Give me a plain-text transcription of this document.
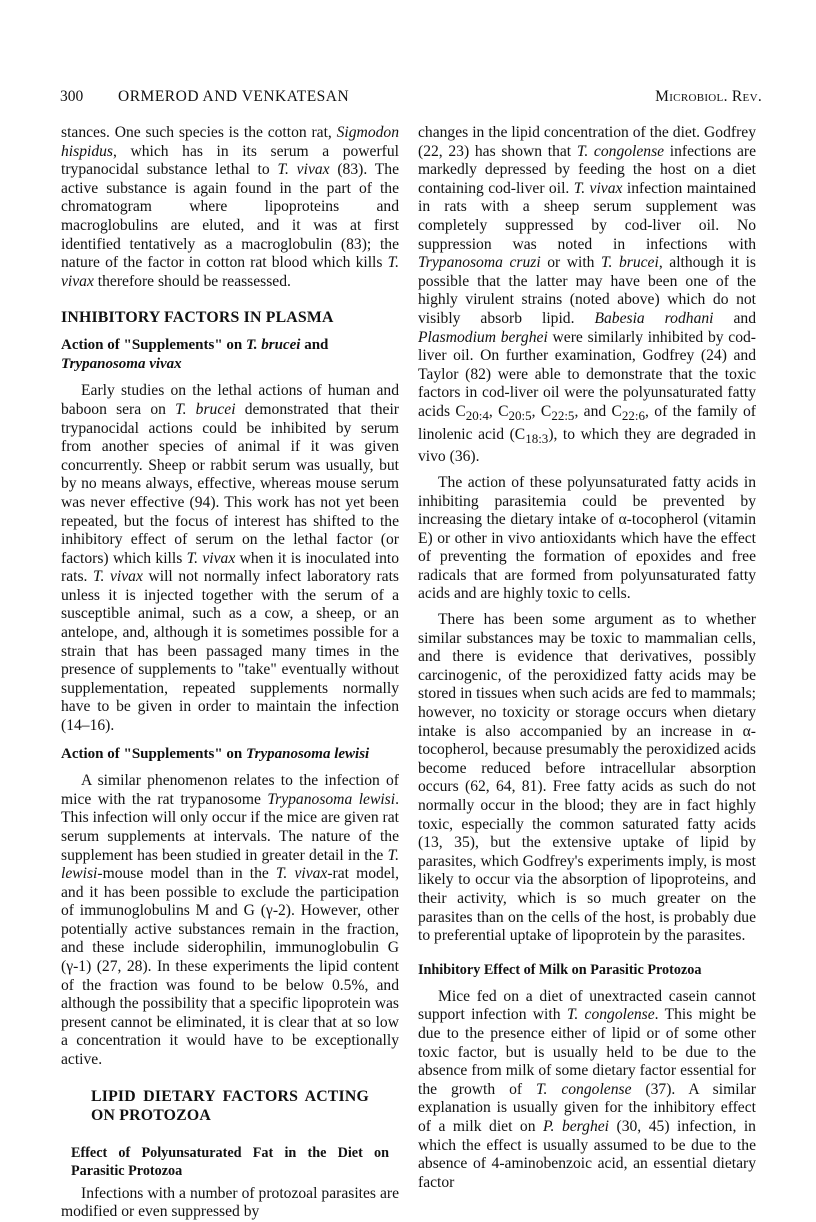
300 ORMEROD AND VENKATESAN	Microbiol. Rev.

stances. One such species is the cotton rat, Sigmodon hispidus, which has in its serum a powerful trypanocidal substance lethal to T. vivax (83). The active substance is again found in the part of the chromatogram where lipoproteins and macroglobulins are eluted, and it was at first identified tentatively as a macroglobulin (83); the nature of the factor in cotton rat blood which kills T. vivax therefore should be reassessed.

INHIBITORY FACTORS IN PLASMA

Action of "Supplements" on T. brucei and
Trypanosoma vivax

Early studies on the lethal actions of human and baboon sera on T. brucei demonstrated that their trypanocidal actions could be inhibited by serum from another species of animal if it was given concurrently. Sheep or rabbit serum was usually, but by no means always, effective, whereas mouse serum was never effective (94). This work has not yet been repeated, but the focus of interest has shifted to the inhibitory effect of serum on the lethal factor (or factors) which kills T. vivax when it is inoculated into rats. T. vivax will not normally infect laboratory rats unless it is injected together with the serum of a susceptible animal, such as a cow, a sheep, or an antelope, and, although it is sometimes possible for a strain that has been passaged many times in the presence of supplements to "take" eventually without supplementation, repeated supplements normally have to be given in order to maintain the infection (14–16).

Action of "Supplements" on Trypanosoma lewisi

A similar phenomenon relates to the infection of mice with the rat trypanosome Trypanosoma lewisi. This infection will only occur if the mice are given rat serum supplements at intervals. The nature of the supplement has been studied in greater detail in the T. lewisi-mouse model than in the T. vivax-rat model, and it has been possible to exclude the participation of immunoglobulins M and G (γ-2). However, other potentially active substances remain in the fraction, and these include siderophilin, immunoglobulin G (γ-1) (27, 28). In these experiments the lipid content of the fraction was found to be below 0.5%, and although the possibility that a specific lipoprotein was present cannot be eliminated, it is clear that at so low a concentration it would have to be exceptionally active.

LIPID DIETARY FACTORS ACTING ON PROTOZOA

Effect of Polyunsaturated Fat in the Diet on Parasitic Protozoa

Infections with a number of protozoal parasites are modified or even suppressed by

changes in the lipid concentration of the diet. Godfrey (22, 23) has shown that T. congolense infections are markedly depressed by feeding the host on a diet containing cod-liver oil. T. vivax infection maintained in rats with a sheep serum supplement was completely suppressed by cod-liver oil. No suppression was noted in infections with Trypanosoma cruzi or with T. brucei, although it is possible that the latter may have been one of the highly virulent strains (noted above) which do not visibly absorb lipid. Babesia rodhani and Plasmodium berghei were similarly inhibited by cod-liver oil. On further examination, Godfrey (24) and Taylor (82) were able to demonstrate that the toxic factors in cod-liver oil were the polyunsaturated fatty acids $C_{20:4}$, $C_{20:5}$, $C_{22:5}$, and $C_{22:6}$, of the family of linolenic acid $(C_{18:3})$, to which they are degraded in vivo (36).

The action of these polyunsaturated fatty acids in inhibiting parasitemia could be prevented by increasing the dietary intake of α-tocopherol (vitamin E) or other in vivo antioxidants which have the effect of preventing the formation of epoxides and free radicals that are formed from polyunsaturated fatty acids and are highly toxic to cells.

There has been some argument as to whether similar substances may be toxic to mammalian cells, and there is evidence that derivatives, possibly carcinogenic, of the peroxidized fatty acids may be stored in tissues when such acids are fed to mammals; however, no toxicity or storage occurs when dietary intake is also accompanied by an increase in α-tocopherol, because presumably the peroxidized acids become reduced before intracellular absorption occurs (62, 64, 81). Free fatty acids as such do not normally occur in the blood; they are in fact highly toxic, especially the common saturated fatty acids (13, 35), but the extensive uptake of lipid by parasites, which Godfrey's experiments imply, is most likely to occur via the absorption of lipoproteins, and their activity, which is so much greater on the parasites than on the cells of the host, is probably due to preferential uptake of lipoprotein by the parasites.

Inhibitory Effect of Milk on Parasitic Protozoa

Mice fed on a diet of unextracted casein cannot support infection with T. congolense. This might be due to the presence either of lipid or of some other toxic factor, but is usually held to be due to the absence from milk of some dietary factor essential for the growth of T. congolense (37). A similar explanation is usually given for the inhibitory effect of a milk diet on P. berghei (30, 45) infection, in which the effect is usually assumed to be due to the absence of 4-aminobenzoic acid, an essential dietary factor
